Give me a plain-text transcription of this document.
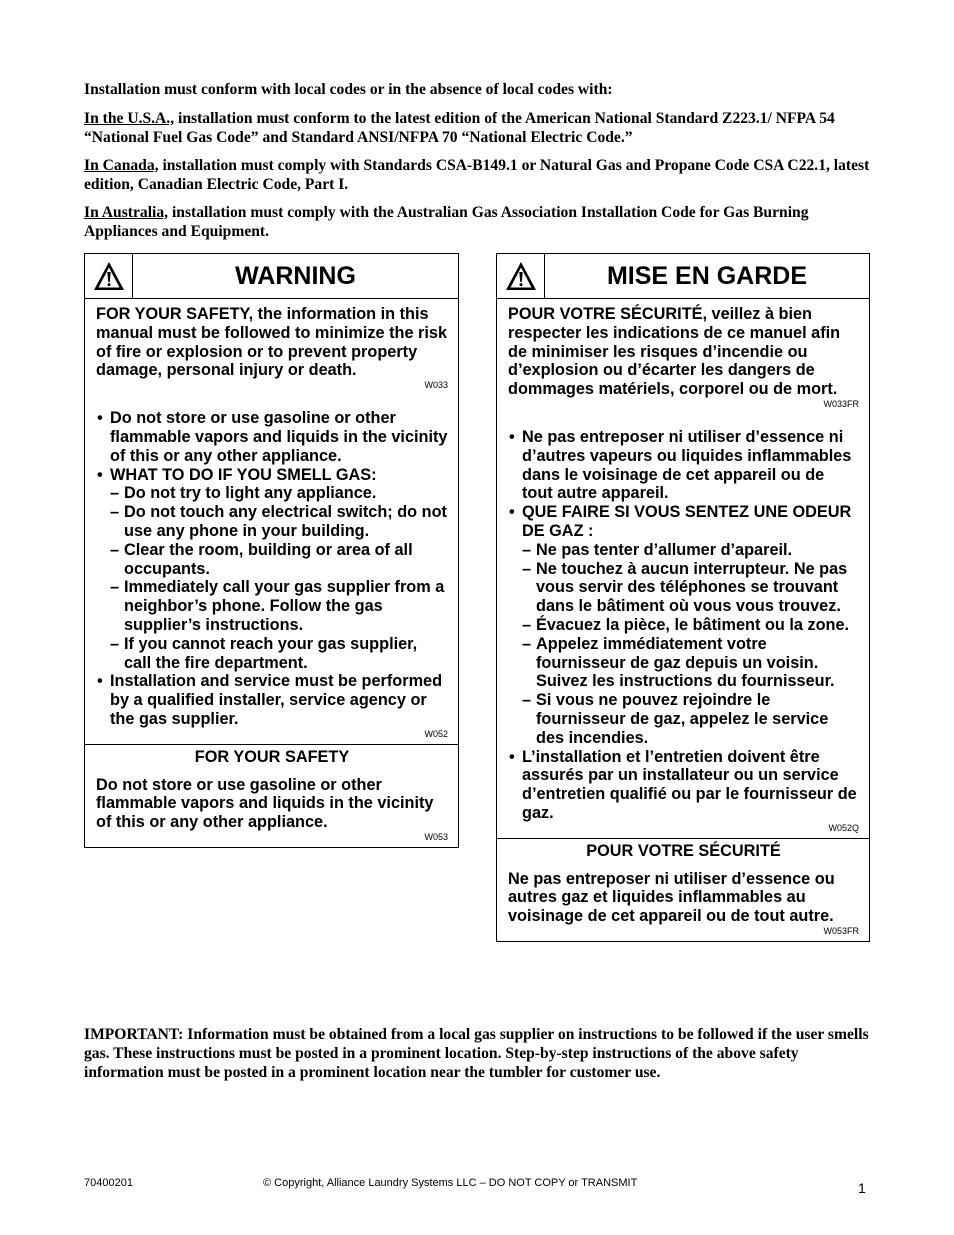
Installation must conform with local codes or in the absence of local codes with:

In the U.S.A., installation must conform to the latest edition of the American National Standard Z223.1/ NFPA 54 “National Fuel Gas Code” and Standard ANSI/NFPA 70 “National Electric Code.”

In Canada, installation must comply with Standards CSA-B149.1 or Natural Gas and Propane Code CSA C22.1, latest edition, Canadian Electric Code, Part I.

In Australia, installation must comply with the Australian Gas Association Installation Code for Gas Burning Appliances and Equipment.

WARNING

FOR YOUR SAFETY, the information in this manual must be followed to minimize the risk of fire or explosion or to prevent property damage, personal injury or death.

W033
• Do not store or use gasoline or other flammable vapors and liquids in the vicinity of this or any other appliance.
• WHAT TO DO IF YOU SMELL GAS:
– Do not try to light any appliance.
– Do not touch any electrical switch; do not use any phone in your building.
– Clear the room, building or area of all occupants.
– Immediately call your gas supplier from a neighbor’s phone. Follow the gas supplier’s instructions.
– If you cannot reach your gas supplier, call the fire department.
• Installation and service must be performed by a qualified installer, service agency or the gas supplier.
W052

FOR YOUR SAFETY

Do not store or use gasoline or other flammable vapors and liquids in the vicinity of this or any other appliance.

W053
MISE EN GARDE

POUR VOTRE SÉCURITÉ, veillez à bien respecter les indications de ce manuel afin de minimiser les risques d’incendie ou d’explosion ou d’écarter les dangers de dommages matériels, corporel ou de mort.

W033FR
• Ne pas entreposer ni utiliser d’essence ni d’autres vapeurs ou liquides inflammables dans le voisinage de cet appareil ou de tout autre appareil.
• QUE FAIRE SI VOUS SENTEZ UNE ODEUR DE GAZ :
– Ne pas tenter d’allumer d’apareil.
– Ne touchez à aucun interrupteur. Ne pas vous servir des téléphones se trouvant dans le bâtiment où vous vous trouvez.
– Évacuez la pièce, le bâtiment ou la zone.
– Appelez immédiatement votre fournisseur de gaz depuis un voisin. Suivez les instructions du fournisseur.
– Si vous ne pouvez rejoindre le fournisseur de gaz, appelez le service des incendies.
• L’installation et l’entretien doivent être assurés par un installateur ou un service d’entretien qualifié ou par le fournisseur de gaz.
W052Q

POUR VOTRE SÉCURITÉ

Ne pas entreposer ni utiliser d’essence ou autres gaz et liquides inflammables au voisinage de cet appareil ou de tout autre.

W053FR
IMPORTANT: Information must be obtained from a local gas supplier on instructions to be followed if the user smells gas. These instructions must be posted in a prominent location. Step-by-step instructions of the above safety information must be posted in a prominent location near the tumbler for customer use.
70400201	© Copyright, Alliance Laundry Systems LLC – DO NOT COPY or TRANSMIT	1
